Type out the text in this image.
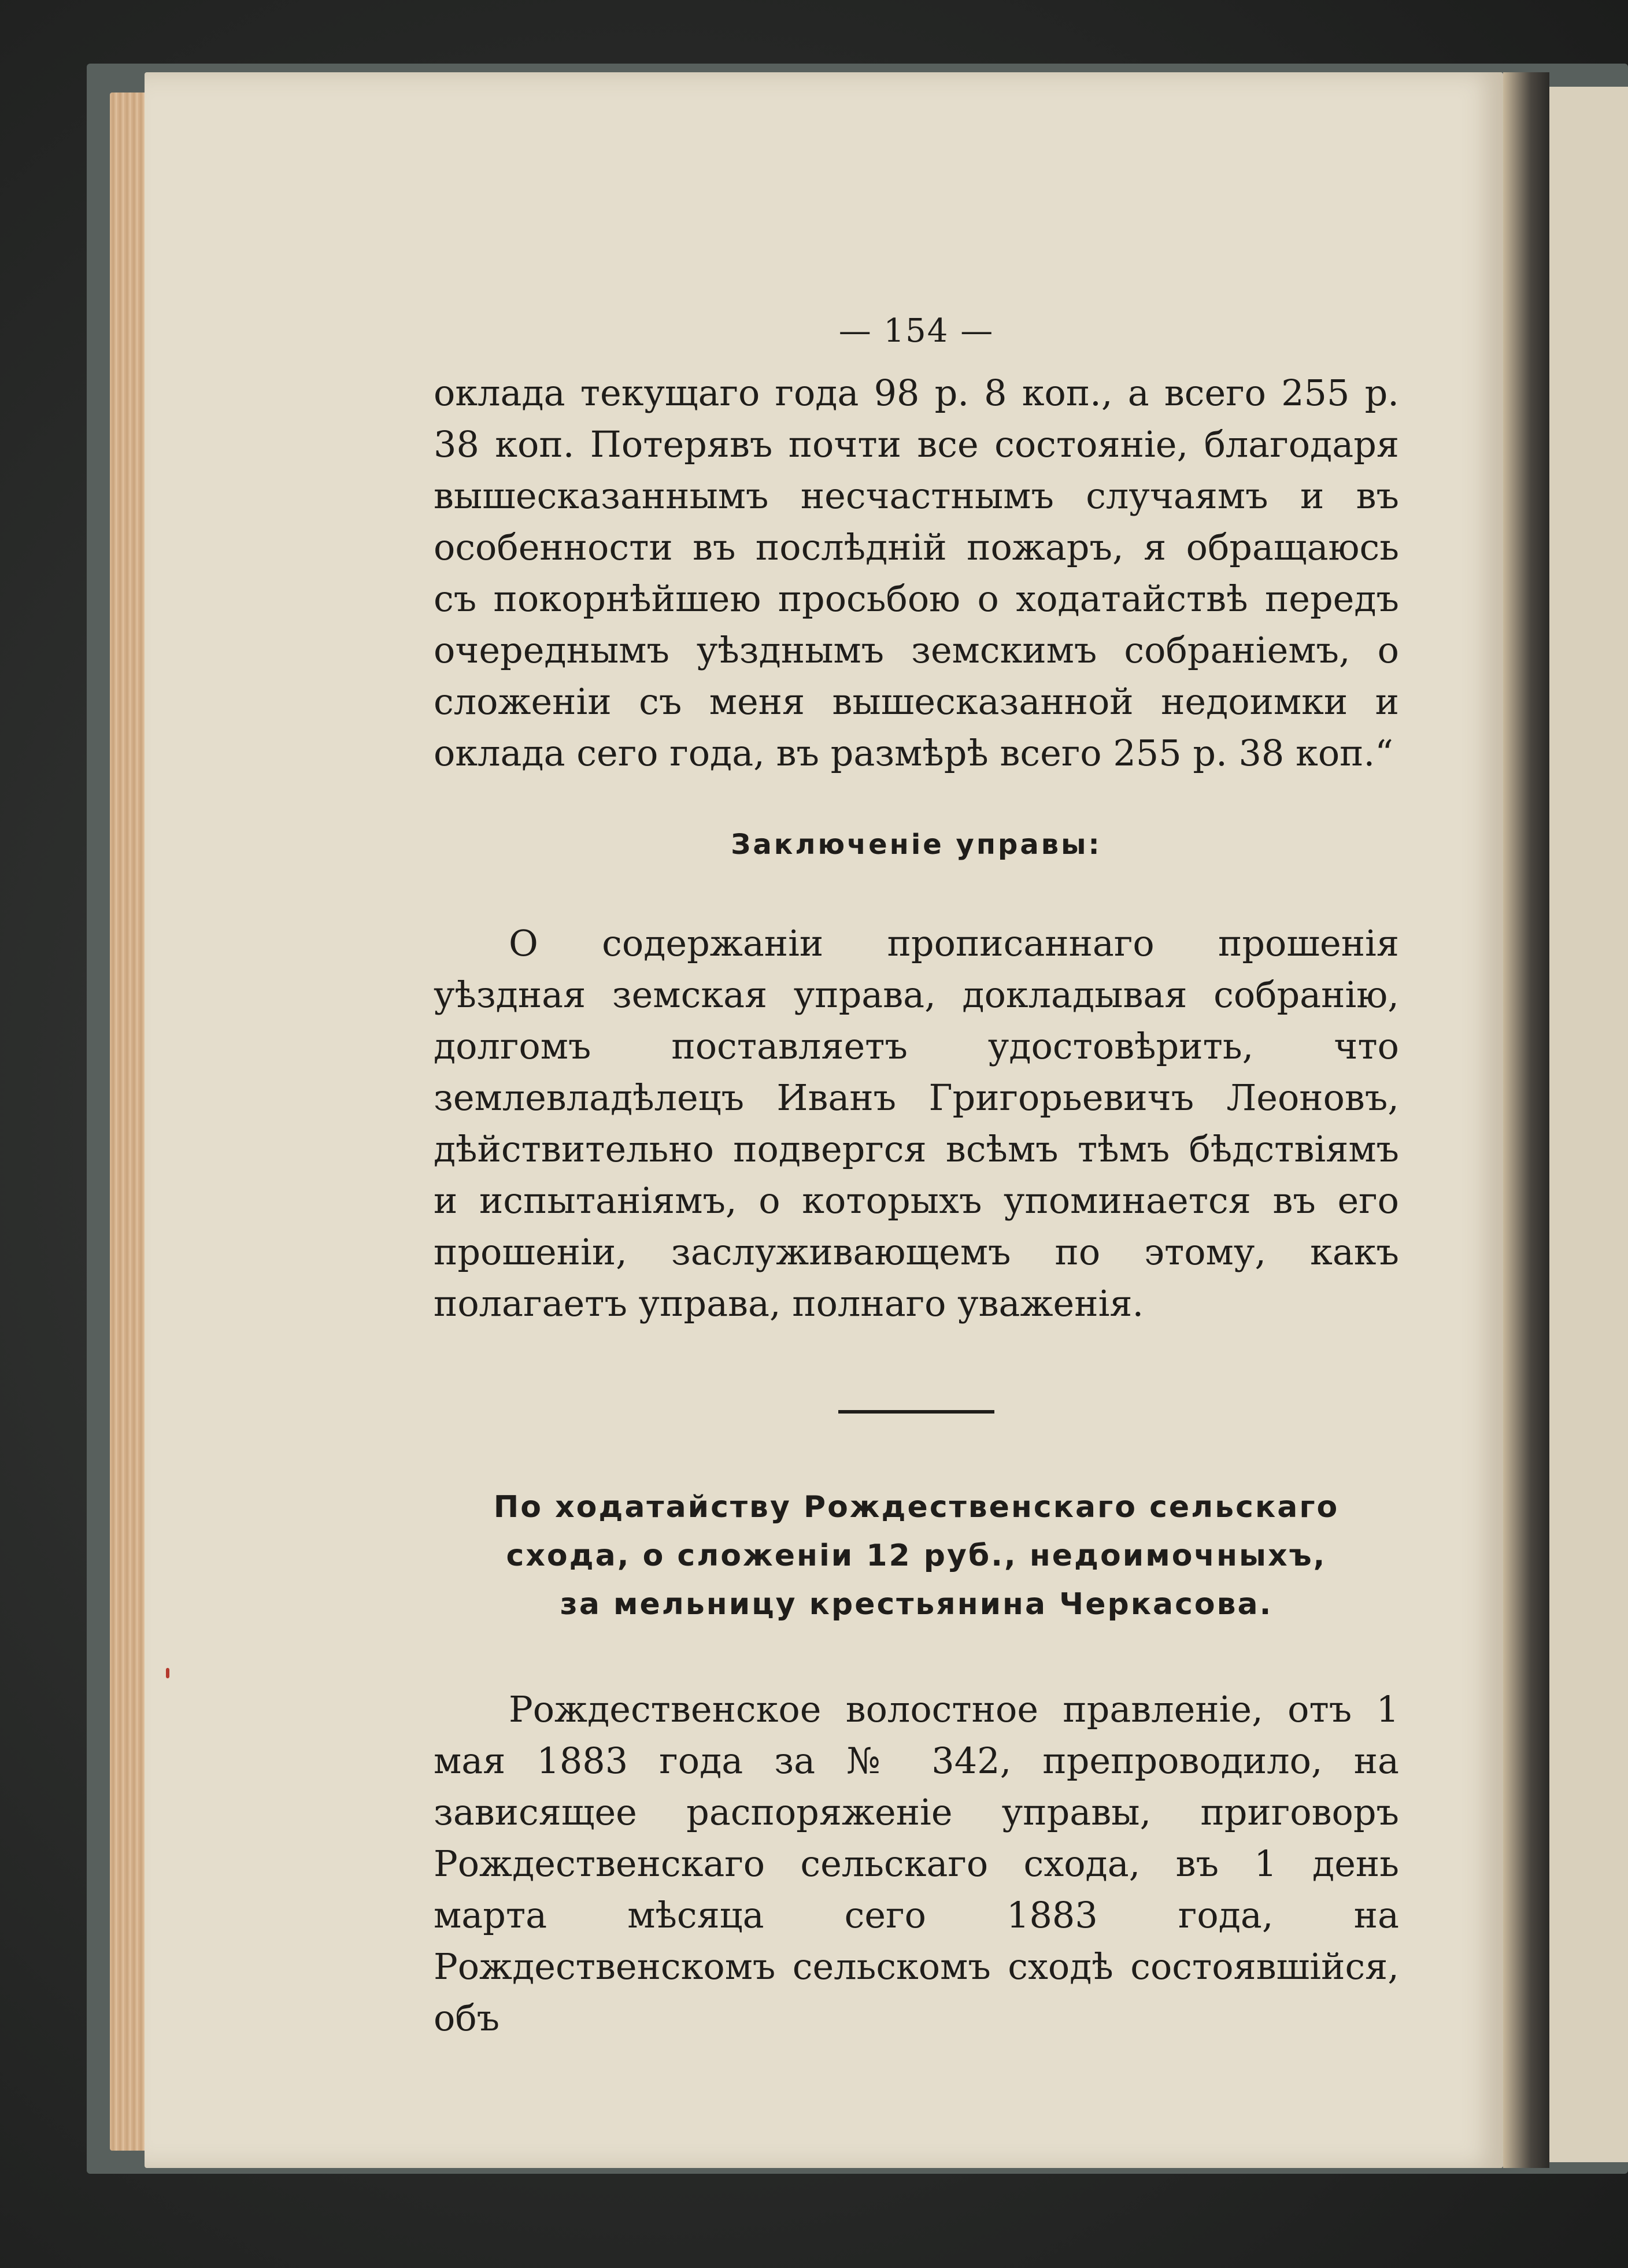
— 154 —

оклада текущаго года 98 р. 8 коп., а всего 255 р. 38 коп. Потерявъ почти все состояніе, благодаря вышесказаннымъ несчастнымъ случаямъ и въ особенности въ послѣдній пожаръ, я обращаюсь съ покорнѣйшею просьбою о ходатайствѣ передъ очереднымъ уѣзднымъ земскимъ собраніемъ, о сложеніи съ меня вышесказанной недоимки и оклада сего года, въ размѣрѣ всего 255 р. 38 коп.“

Заключеніе управы:

О содержаніи прописаннаго прошенія уѣздная земская управа, докладывая собранію, долгомъ поставляетъ удостовѣрить, что землевладѣлецъ Иванъ Григорьевичъ Леоновъ, дѣйствительно подвергся всѣмъ тѣмъ бѣдствіямъ и испытаніямъ, о которыхъ упоминается въ его прошеніи, заслуживающемъ по этому, какъ полагаетъ управа, полнаго уваженія.

По ходатайству Рождественскаго сельскаго
схода, о сложеніи 12 руб., недоимочныхъ,
за мельницу крестьянина Черкасова.

Рождественское волостное правленіе, отъ 1 мая 1883 года за № 342, препроводило, на зависящее распоряженіе управы, приговоръ Рождественскаго сельскаго схода, въ 1 день марта мѣсяца сего 1883 года, на Рождественскомъ сельскомъ сходѣ состоявшійся, объ
